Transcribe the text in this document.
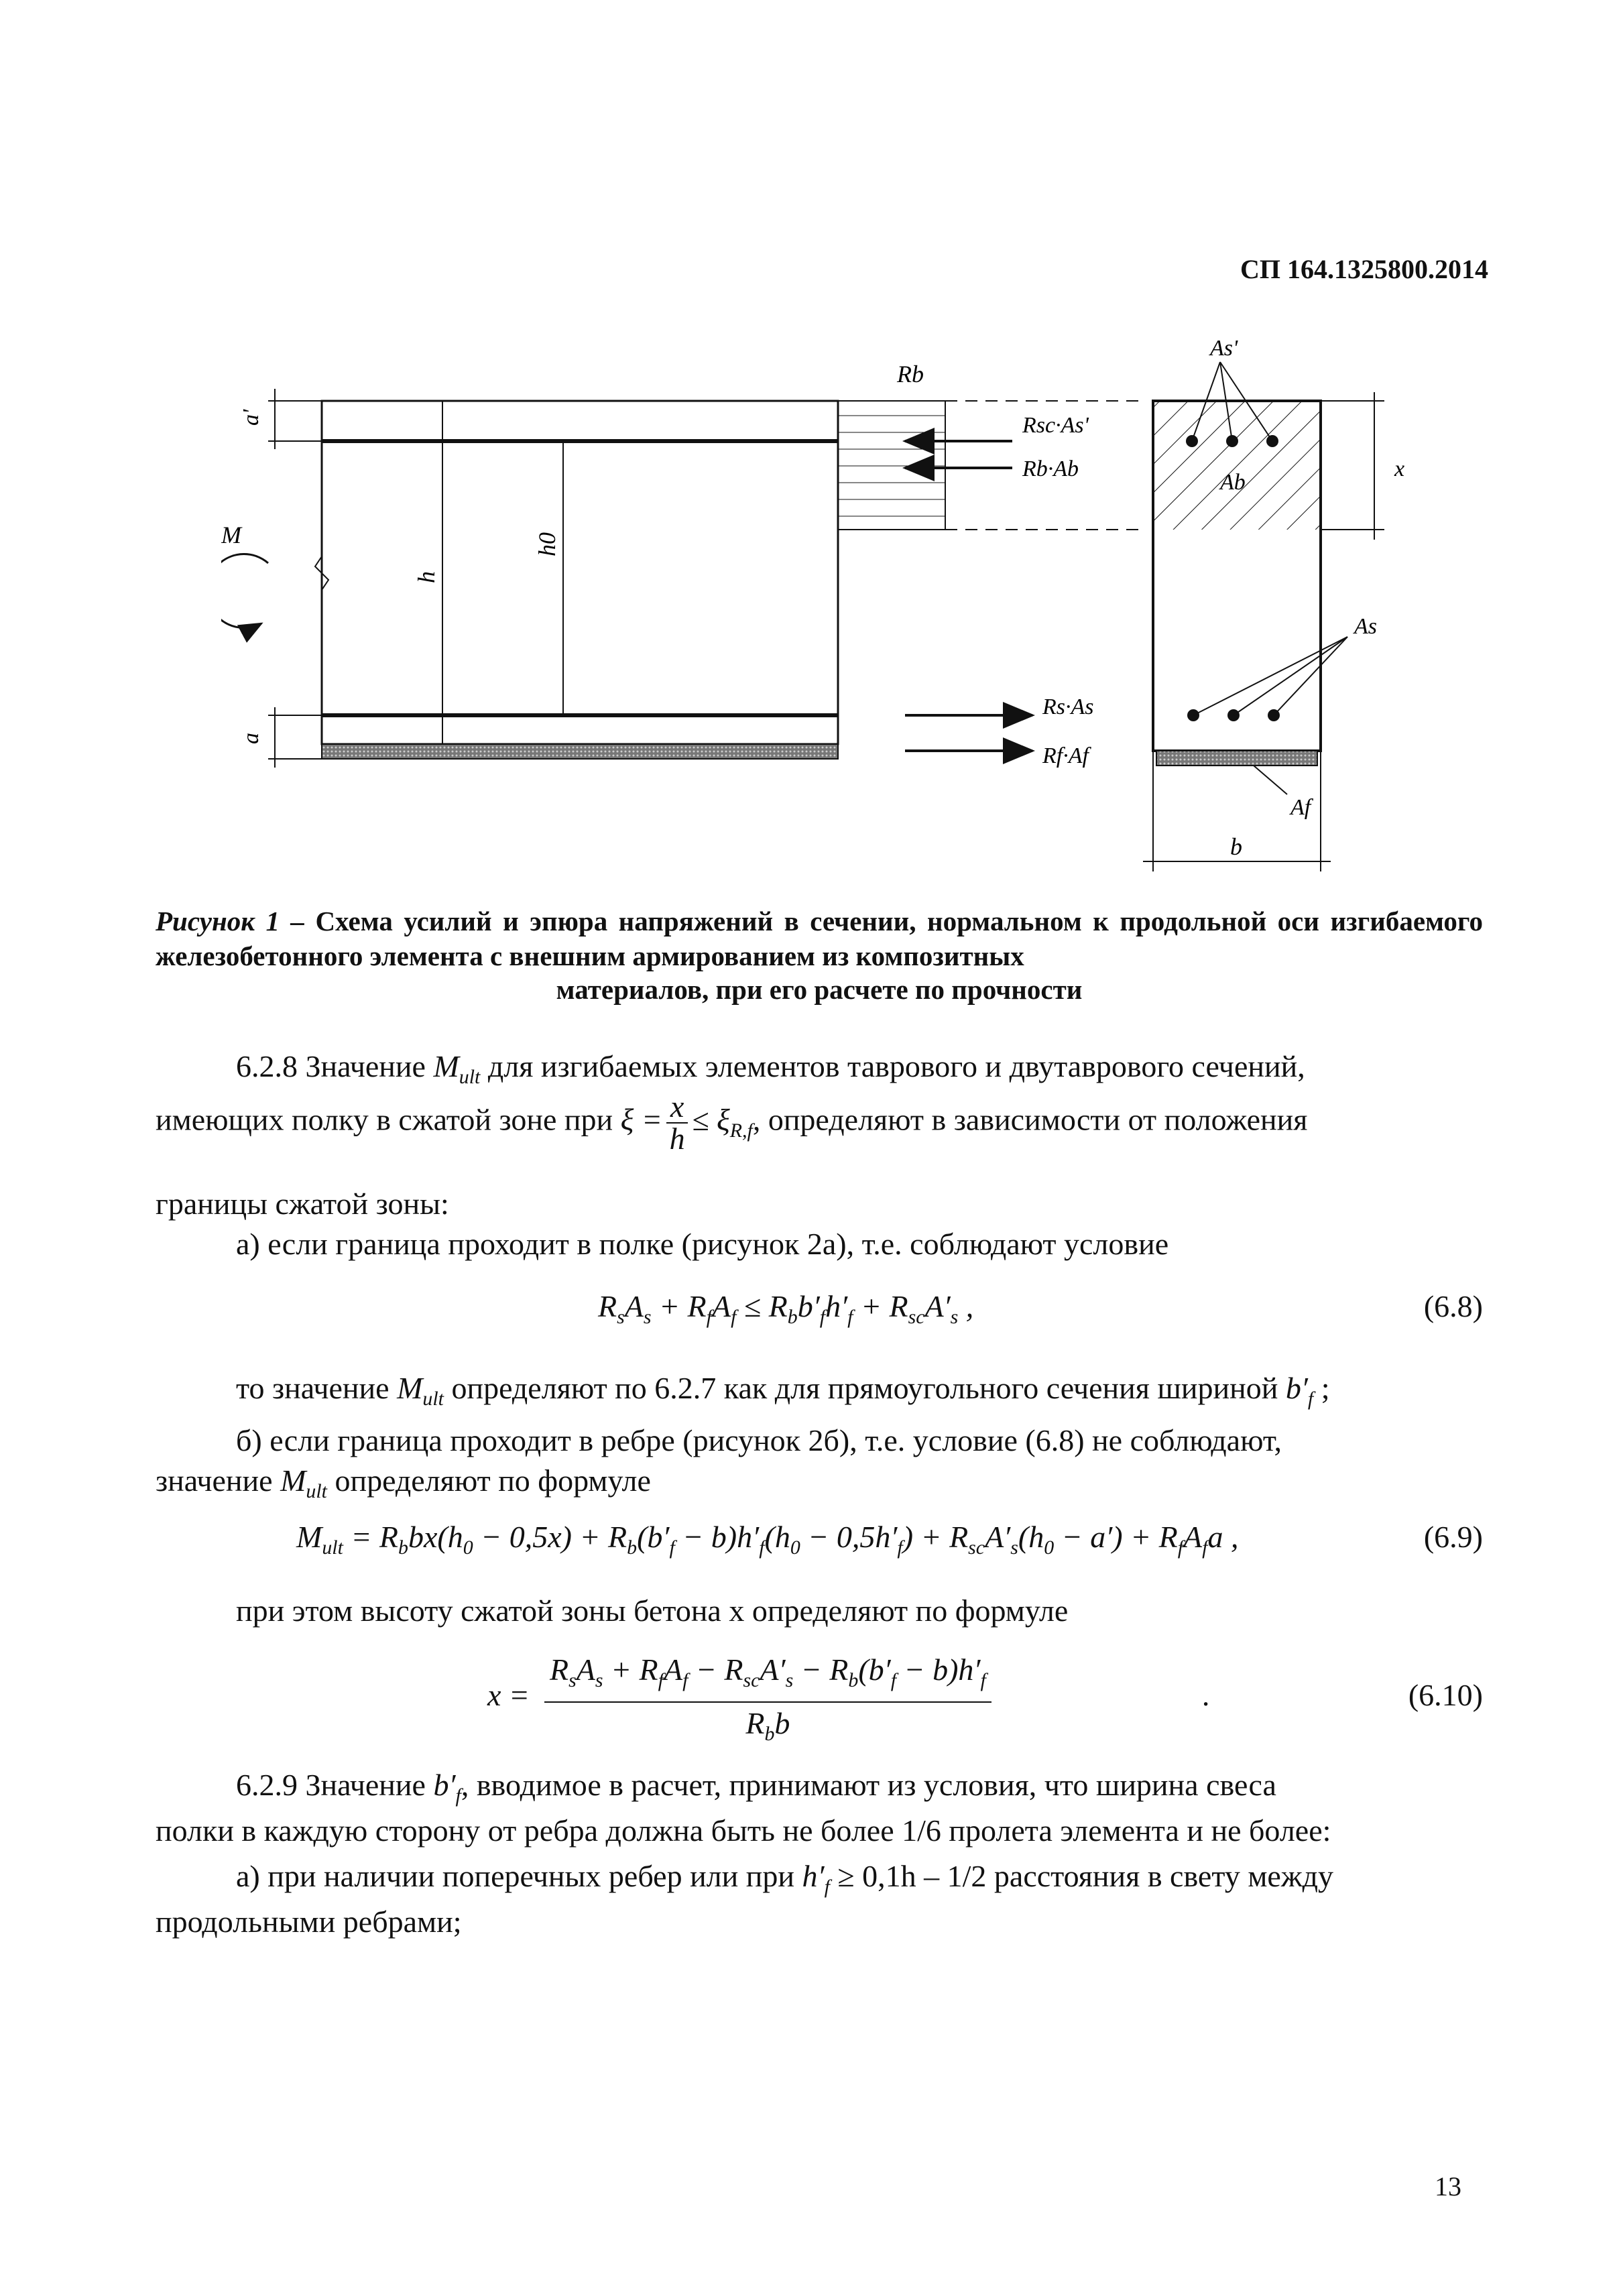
СП 164.1325800.2014
a'
a
h
h0
M
Rb
Rsc·As'
Rb·Ab
Rs·As
Rf·Af
As'
Ab
x
As
Af
b
Рисунок 1 – Схема усилий и эпюра напряжений в сечении, нормальном к продольной оси изгибаемого железобетонного элемента с внешним армированием из композитных
материалов, при его расчете по прочности
6.2.8 Значение $M_{ult}$ для изгибаемых элементов таврового и двутаврового сечений,
имеющих полку в сжатой зоне при $\xi = \frac{x}{h} \le \xi_{R,f}$, определяют в зависимости от положения
границы сжатой зоны:
а) если граница проходит в полке (рисунок 2а), т.е. соблюдают условие
$R_sA_s + R_fA_f \le R_bb'_fh'_f + R_{sc}A'_s$ ,	(6.8)
то значение $M_{ult}$ определяют по 6.2.7 как для прямоугольного сечения шириной $b'_f$ ;
б) если граница проходит в ребре (рисунок 2б), т.е. условие (6.8) не соблюдают,
значение $M_{ult}$ определяют по формуле
$M_{ult} = R_bbx(h_0 - 0,5x) + R_b(b'_f - b)h'_f(h_0 - 0,5h'_f) + R_{sc}A'_s(h_0 - a') + R_fA_fa$ ,	(6.9)
при этом высоту сжатой зоны бетона x определяют по формуле
x =
$R_sA_s + R_fA_f - R_{sc}A'_s - R_b(b'_f - b)h'_f$
$R_bb$
.	(6.10)
6.2.9 Значение $b'_f$, вводимое в расчет, принимают из условия, что ширина свеса
полки в каждую сторону от ребра должна быть не более 1/6 пролета элемента и не более:
а) при наличии поперечных ребер или при $h'_f \ge 0,1h - 1/2$ расстояния в свету между
продольными ребрами;
13
